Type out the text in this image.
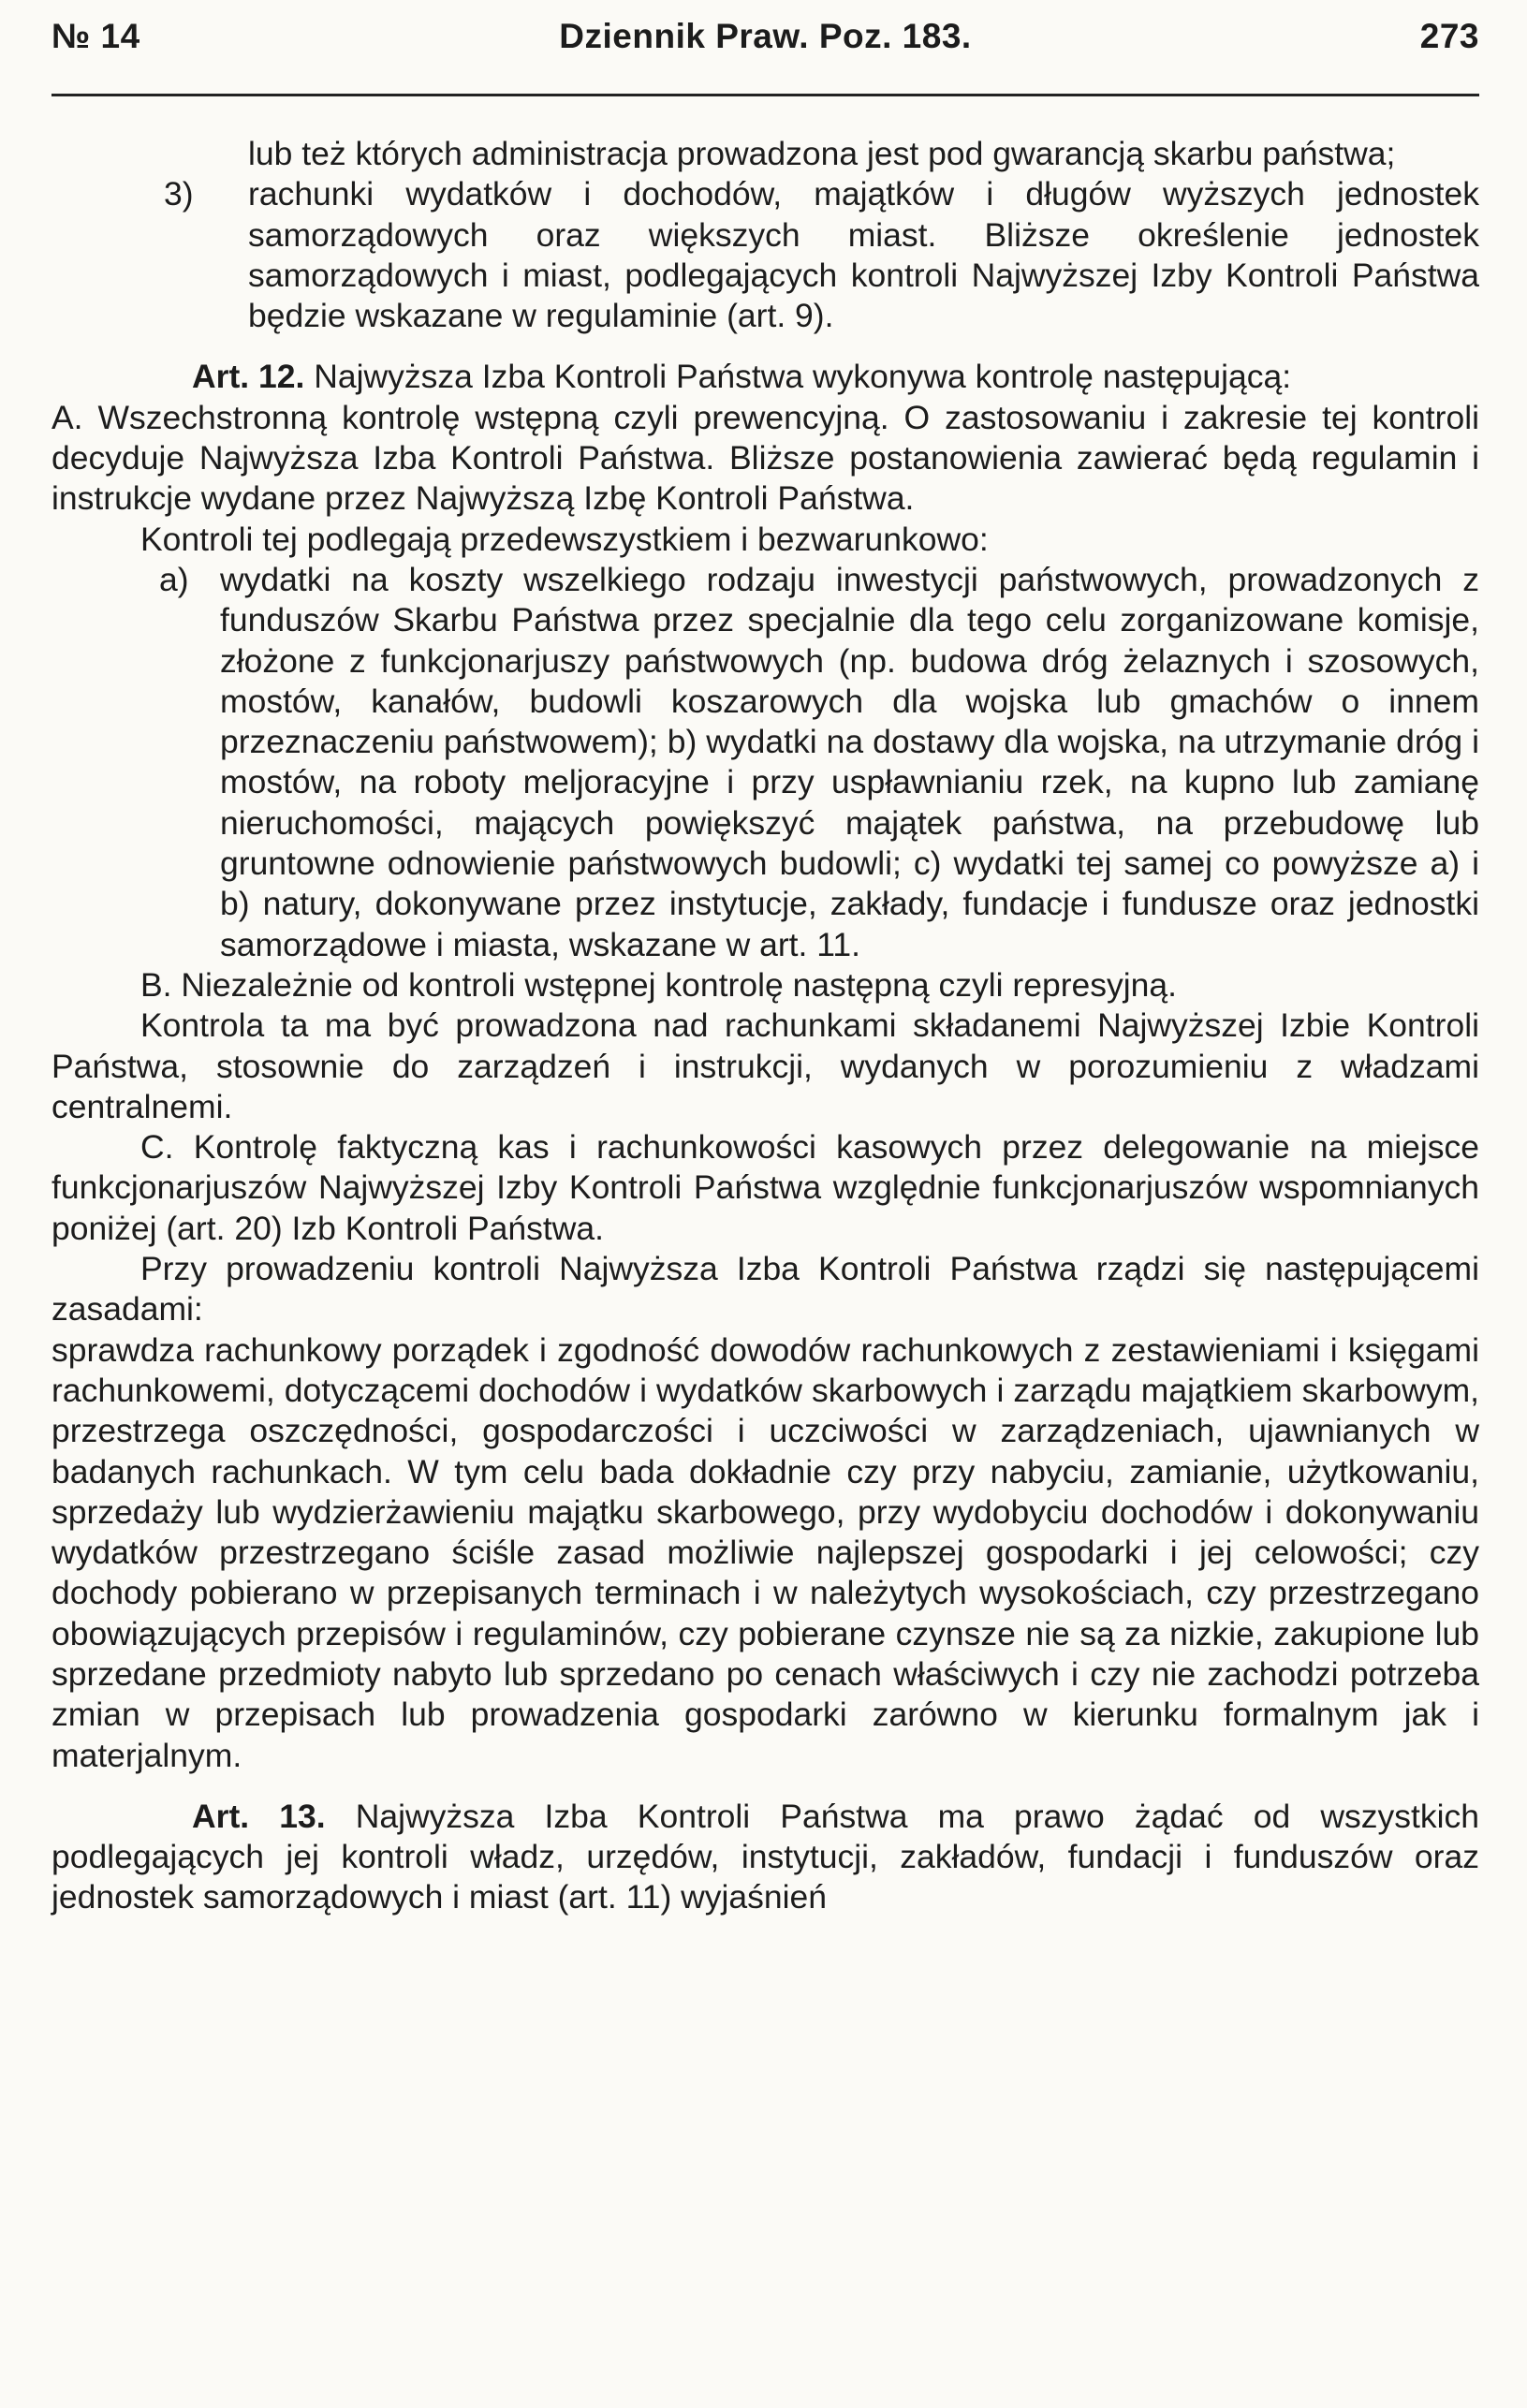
№ 14	Dziennik Praw. Poz. 183.	273

lub też których administracja prowadzona jest pod gwarancją skarbu państwa;

3) rachunki wydatków i dochodów, majątków i długów wyższych jednostek samorządowych oraz większych miast. Bliższe określenie jednostek samorządowych i miast, podlegających kontroli Najwyższej Izby Kontroli Państwa będzie wskazane w regulaminie (art. 9).

Art. 12. Najwyższa Izba Kontroli Państwa wykonywa kontrolę następującą:

A. Wszechstronną kontrolę wstępną czyli prewencyjną. O zastosowaniu i zakresie tej kontroli decyduje Najwyższa Izba Kontroli Państwa. Bliższe postanowienia zawierać będą regulamin i instrukcje wydane przez Najwyższą Izbę Kontroli Państwa.

Kontroli tej podlegają przedewszystkiem i bezwarunkowo:

a) wydatki na koszty wszelkiego rodzaju inwestycji państwowych, prowadzonych z funduszów Skarbu Państwa przez specjalnie dla tego celu zorganizowane komisje, złożone z funkcjonarjuszy państwowych (np. budowa dróg żelaznych i szosowych, mostów, kanałów, budowli koszarowych dla wojska lub gmachów o innem przeznaczeniu państwowem); b) wydatki na dostawy dla wojska, na utrzymanie dróg i mostów, na roboty meljoracyjne i przy uspławnianiu rzek, na kupno lub zamianę nieruchomości, mających powiększyć majątek państwa, na przebudowę lub gruntowne odnowienie państwowych budowli; c) wydatki tej samej co powyższe a) i b) natury, dokonywane przez instytucje, zakłady, fundacje i fundusze oraz jednostki samorządowe i miasta, wskazane w art. 11.

B. Niezależnie od kontroli wstępnej kontrolę następną czyli represyjną.

Kontrola ta ma być prowadzona nad rachunkami składanemi Najwyższej Izbie Kontroli Państwa, stosownie do zarządzeń i instrukcji, wydanych w porozumieniu z władzami centralnemi.

C. Kontrolę faktyczną kas i rachunkowości kasowych przez delegowanie na miejsce funkcjonarjuszów Najwyższej Izby Kontroli Państwa względnie funkcjonarjuszów wspomnianych poniżej (art. 20) Izb Kontroli Państwa.

Przy prowadzeniu kontroli Najwyższa Izba Kontroli Państwa rządzi się następującemi zasadami:

sprawdza rachunkowy porządek i zgodność dowodów rachunkowych z zestawieniami i księgami rachunkowemi, dotyczącemi dochodów i wydatków skarbowych i zarządu majątkiem skarbowym, przestrzega oszczędności, gospodarczości i uczciwości w zarządzeniach, ujawnianych w badanych rachunkach. W tym celu bada dokładnie czy przy nabyciu, zamianie, użytkowaniu, sprzedaży lub wydzierżawieniu majątku skarbowego, przy wydobyciu dochodów i dokonywaniu wydatków przestrzegano ściśle zasad możliwie najlepszej gospodarki i jej celowości; czy dochody pobierano w przepisanych terminach i w należytych wysokościach, czy przestrzegano obowiązujących przepisów i regulaminów, czy pobierane czynsze nie są za nizkie, zakupione lub sprzedane przedmioty nabyto lub sprzedano po cenach właściwych i czy nie zachodzi potrzeba zmian w przepisach lub prowadzenia gospodarki zarówno w kierunku formalnym jak i materjalnym.

Art. 13. Najwyższa Izba Kontroli Państwa ma prawo żądać od wszystkich podlegających jej kontroli władz, urzędów, instytucji, zakładów, fundacji i funduszów oraz jednostek samorządowych i miast (art. 11) wyjaśnień
